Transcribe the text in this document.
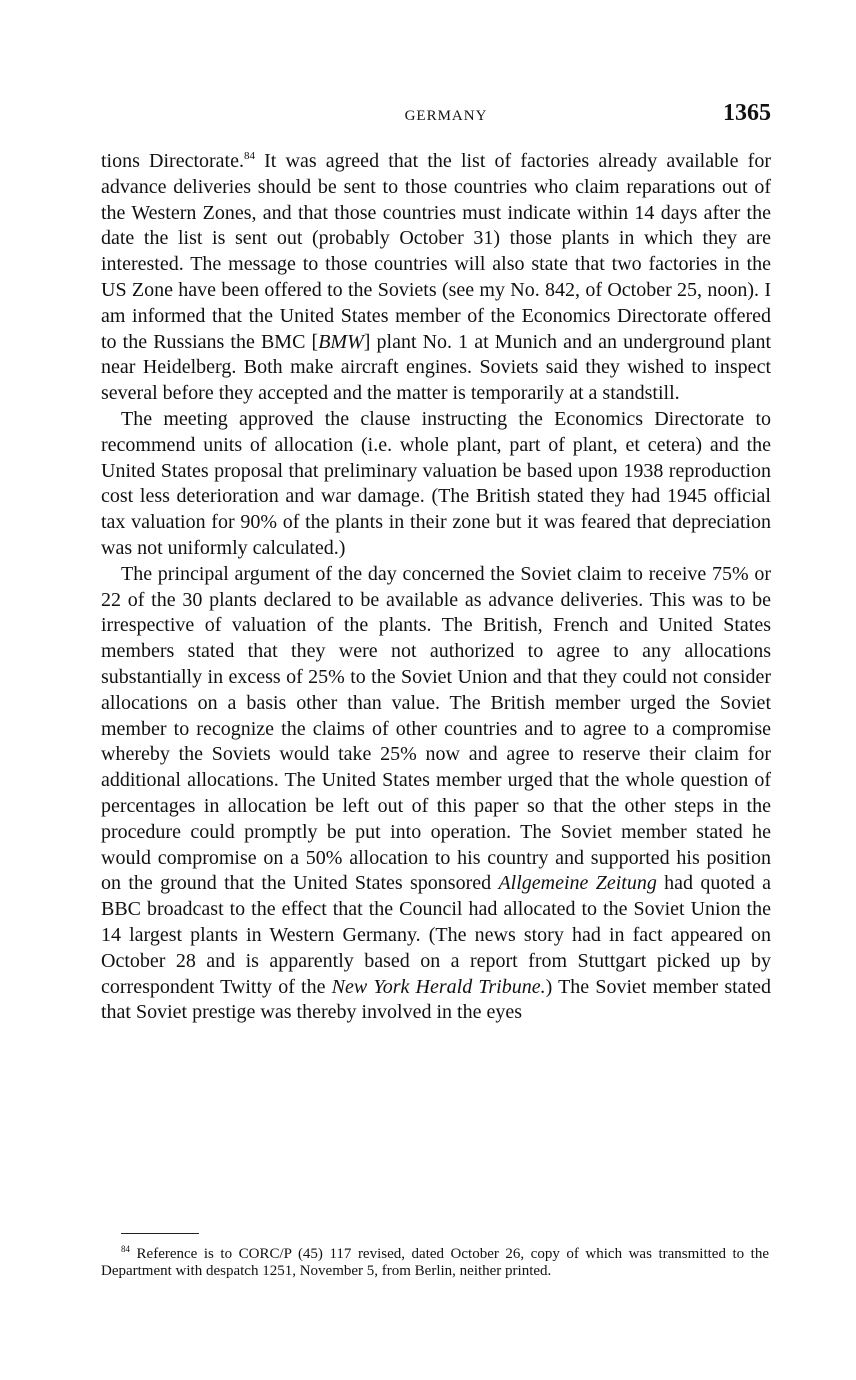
GERMANY	1365

tions Directorate.$^{84}$ It was agreed that the list of factories already available for advance deliveries should be sent to those countries who claim reparations out of the Western Zones, and that those countries must indicate within 14 days after the date the list is sent out (probably October 31) those plants in which they are interested. The message to those countries will also state that two factories in the US Zone have been offered to the Soviets (see my No. 842, of October 25, noon). I am informed that the United States member of the Economics Directorate offered to the Russians the BMC [BMW] plant No. 1 at Munich and an underground plant near Heidelberg. Both make aircraft engines. Soviets said they wished to inspect several before they accepted and the matter is temporarily at a standstill.

The meeting approved the clause instructing the Economics Directorate to recommend units of allocation (i.e. whole plant, part of plant, et cetera) and the United States proposal that preliminary valuation be based upon 1938 reproduction cost less deterioration and war damage. (The British stated they had 1945 official tax valuation for 90% of the plants in their zone but it was feared that depreciation was not uniformly calculated.)

The principal argument of the day concerned the Soviet claim to receive 75% or 22 of the 30 plants declared to be available as advance deliveries. This was to be irrespective of valuation of the plants. The British, French and United States members stated that they were not authorized to agree to any allocations substantially in excess of 25% to the Soviet Union and that they could not consider allocations on a basis other than value. The British member urged the Soviet member to recognize the claims of other countries and to agree to a compromise whereby the Soviets would take 25% now and agree to reserve their claim for additional allocations. The United States member urged that the whole question of percentages in allocation be left out of this paper so that the other steps in the procedure could promptly be put into operation. The Soviet member stated he would compromise on a 50% allocation to his country and supported his position on the ground that the United States sponsored Allgemeine Zeitung had quoted a BBC broadcast to the effect that the Council had allocated to the Soviet Union the 14 largest plants in Western Germany. (The news story had in fact appeared on October 28 and is apparently based on a report from Stuttgart picked up by correspondent Twitty of the New York Herald Tribune.) The Soviet member stated that Soviet prestige was thereby involved in the eyes

$^{84}$ Reference is to CORC/P (45) 117 revised, dated October 26, copy of which was transmitted to the Department with despatch 1251, November 5, from Berlin, neither printed.
